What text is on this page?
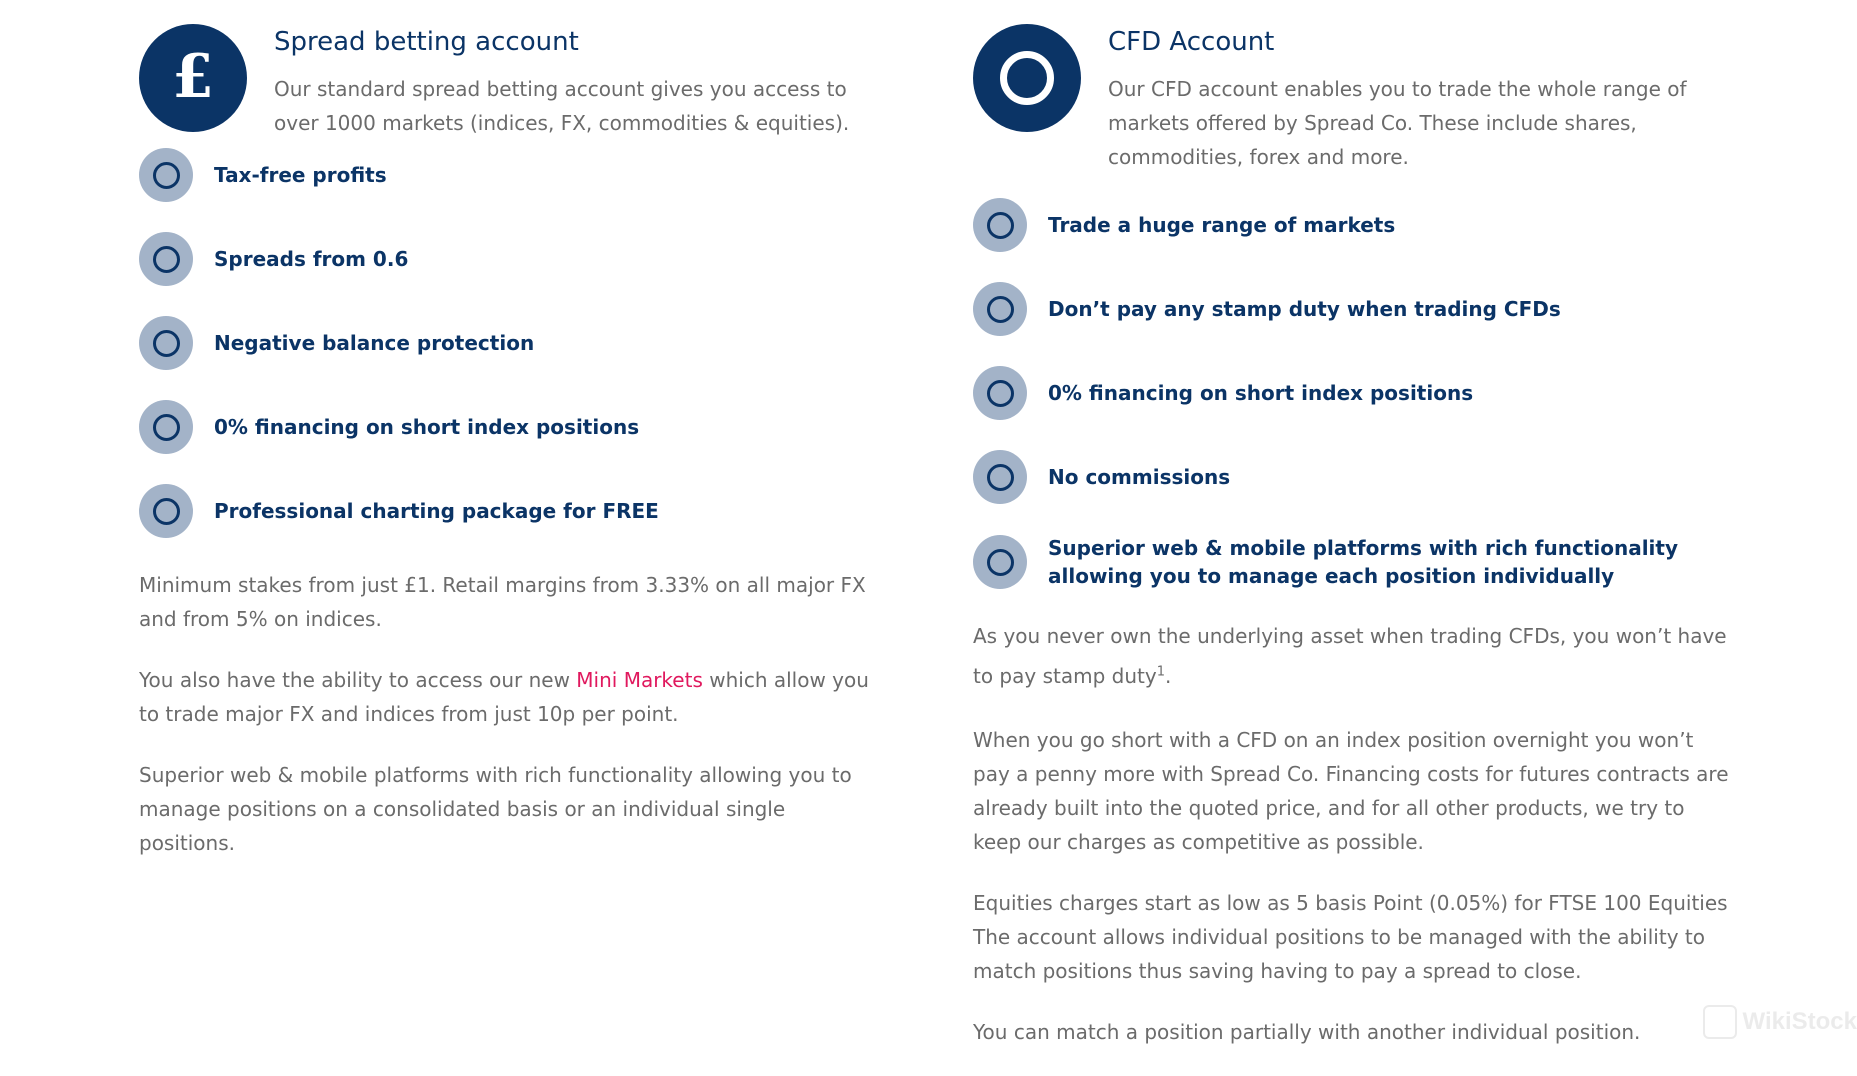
£ Spread betting account

Our standard spread betting account gives you access to over 1000 markets (indices, FX, commodities & equities).

Tax-free profits
Spreads from 0.6
Negative balance protection
0% financing on short index positions
Professional charting package for FREE

Minimum stakes from just £1. Retail margins from 3.33% on all major FX and from 5% on indices.

You also have the ability to access our new Mini Markets which allow you to trade major FX and indices from just 10p per point.

Superior web & mobile platforms with rich functionality allowing you to manage positions on a consolidated basis or an individual single positions.

CFD Account

Our CFD account enables you to trade the whole range of markets offered by Spread Co. These include shares, commodities, forex and more.

Trade a huge range of markets
Don’t pay any stamp duty when trading CFDs
0% financing on short index positions
No commissions
Superior web & mobile platforms with rich functionality allowing you to manage each position individually

As you never own the underlying asset when trading CFDs, you won’t have to pay stamp duty$^1$.

When you go short with a CFD on an index position overnight you won’t pay a penny more with Spread Co. Financing costs for futures contracts are already built into the quoted price, and for all other products, we try to keep our charges as competitive as possible.

Equities charges start as low as 5 basis Point (0.05%) for FTSE 100 Equities The account allows individual positions to be managed with the ability to match positions thus saving having to pay a spread to close.

You can match a position partially with another individual position.	WikiStock
